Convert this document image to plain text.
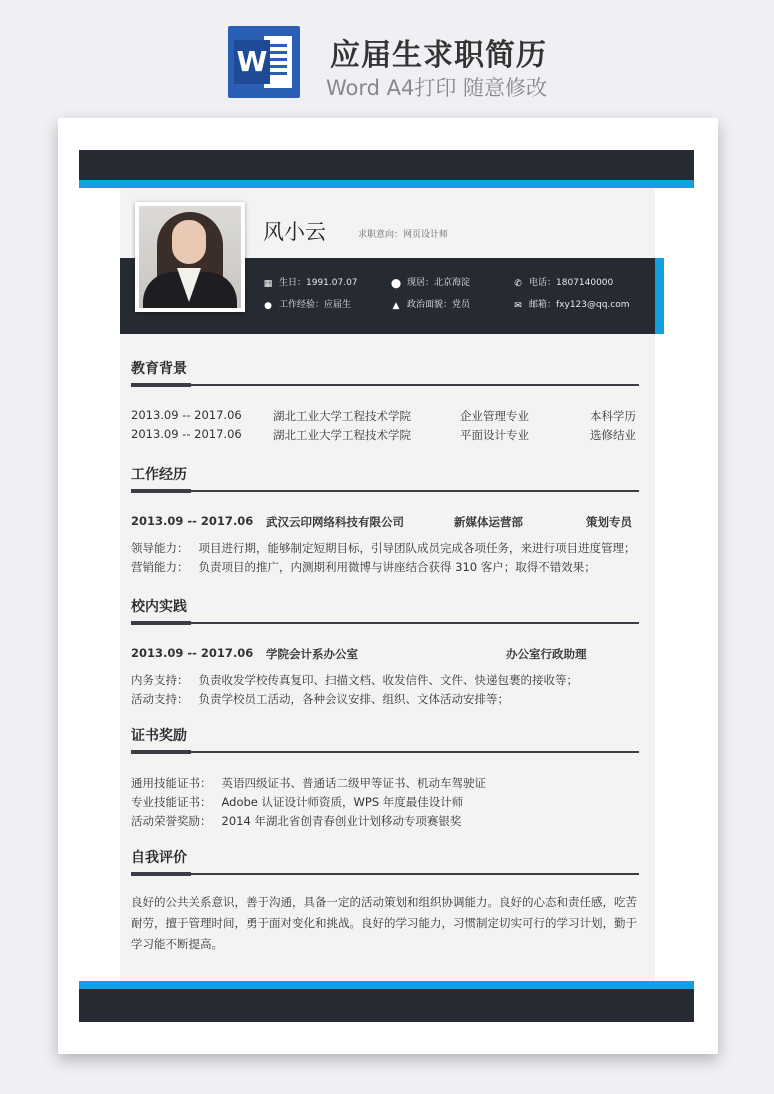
W 应届生求职简历
Word A4打印 随意修改
风小云	求职意向：网页设计师
▦ 生日：1991.07.07	⬤ 现居：北京海淀	✆ 电话：1807140000
● 工作经验：应届生	▲ 政治面貌：党员	✉ 邮箱：fxy123@qq.com
教育背景
2013.09 -- 2017.06	湖北工业大学工程技术学院	企业管理专业	本科学历
2013.09 -- 2017.06	湖北工业大学工程技术学院	平面设计专业	选修结业
工作经历
2013.09 -- 2017.06 武汉云印网络科技有限公司	新媒体运营部	策划专员
领导能力： 项目进行期，能够制定短期目标，引导团队成员完成各项任务，来进行项目进度管理；
营销能力： 负责项目的推广，内测期利用微博与讲座结合获得 310 客户；取得不错效果；
校内实践
2013.09 -- 2017.06 学院会计系办公室	办公室行政助理
内务支持： 负责收发学校传真复印、扫描文档、收发信件、文件、快递包裹的接收等；
活动支持： 负责学校员工活动，各种会议安排、组织、文体活动安排等；
证书奖励
通用技能证书： 英语四级证书、普通话二级甲等证书、机动车驾驶证
专业技能证书： Adobe 认证设计师资质，WPS 年度最佳设计师
活动荣誉奖励： 2014 年湖北省创青春创业计划移动专项赛银奖
自我评价
良好的公共关系意识，善于沟通，具备一定的活动策划和组织协调能力。良好的心态和责任感，吃苦耐劳，擅于管理时间，勇于面对变化和挑战。良好的学习能力，习惯制定切实可行的学习计划，勤于学习能不断提高。
